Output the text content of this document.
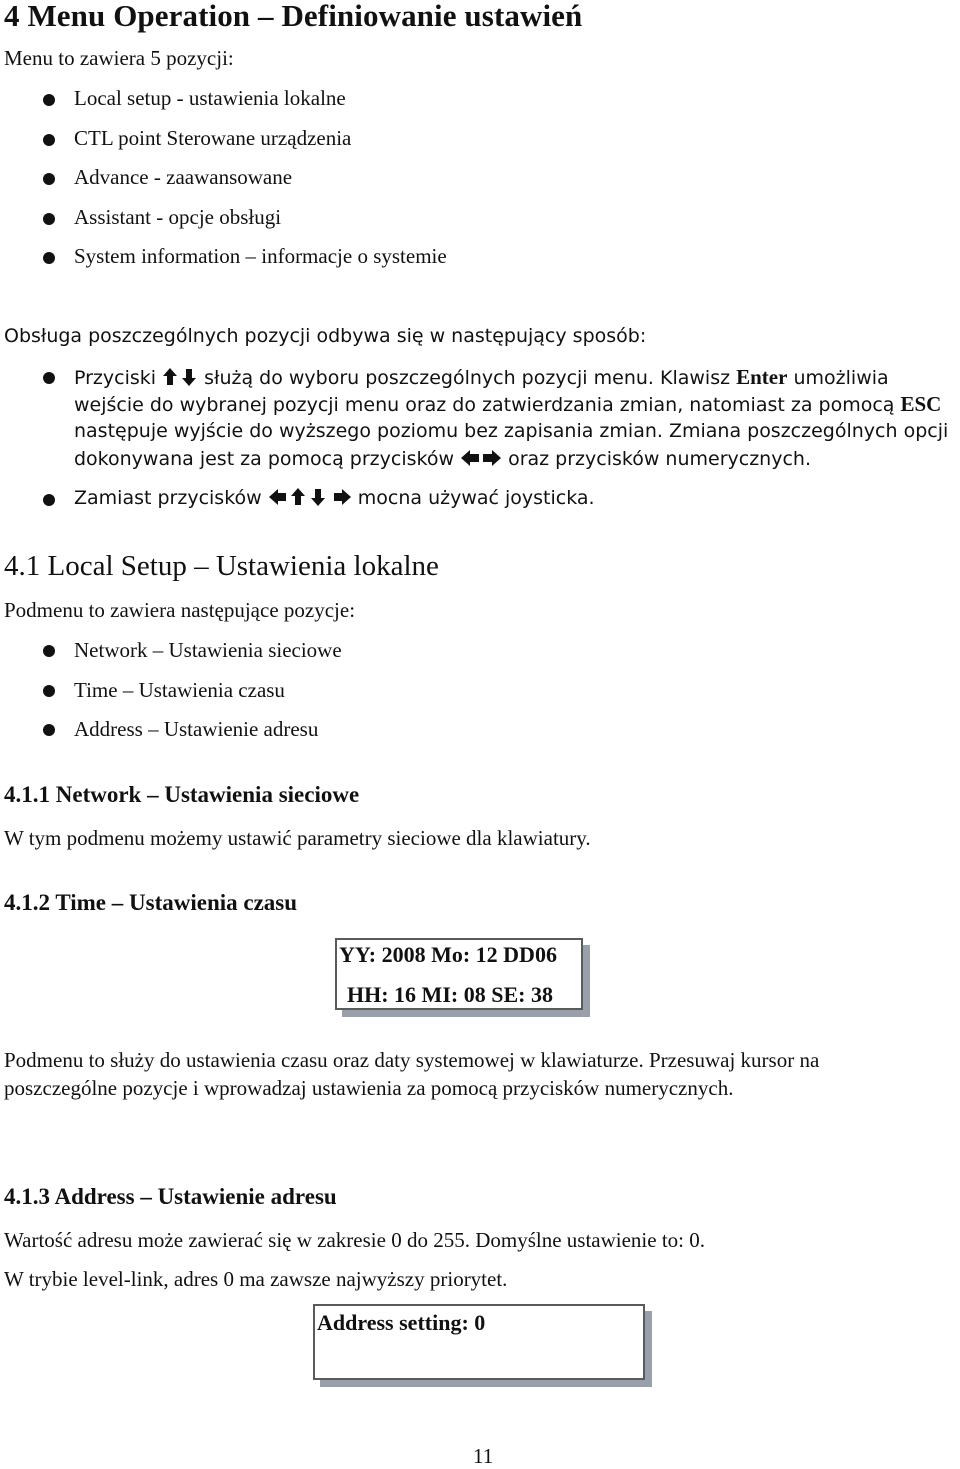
4 Menu Operation – Definiowanie ustawień
Menu to zawiera 5 pozycji:
Local setup - ustawienia lokalne
CTL point Sterowane urządzenia
Advance - zaawansowane
Assistant - opcje obsługi
System information – informacje o systemie
Obsługa poszczególnych pozycji odbywa się w następujący sposób:
Przyciski	służą do wyboru poszczególnych pozycji menu. Klawisz Enter umożliwia
wejście do wybranej pozycji menu oraz do zatwierdzania zmian, natomiast za pomocą ESC
następuje wyjście do wyższego poziomu bez zapisania zmian. Zmiana poszczególnych opcji
dokonywana jest za pomocą przycisków	oraz przycisków numerycznych.
Zamiast przycisków	mocna używać joysticka.
4.1 Local Setup – Ustawienia lokalne
Podmenu to zawiera następujące pozycje:
Network – Ustawienia sieciowe
Time – Ustawienia czasu
Address – Ustawienie adresu
4.1.1 Network – Ustawienia sieciowe
W tym podmenu możemy ustawić parametry sieciowe dla klawiatury.
4.1.2 Time – Ustawienia czasu
YY: 2008 Mo: 12 DD06
HH: 16 MI: 08 SE: 38
Podmenu to służy do ustawienia czasu oraz daty systemowej w klawiaturze. Przesuwaj kursor na
poszczególne pozycje i wprowadzaj ustawienia za pomocą przycisków numerycznych.
4.1.3 Address – Ustawienie adresu
Wartość adresu może zawierać się w zakresie 0 do 255. Domyślne ustawienie to: 0.
W trybie level-link, adres 0 ma zawsze najwyższy priorytet.
Address setting: 0
11
